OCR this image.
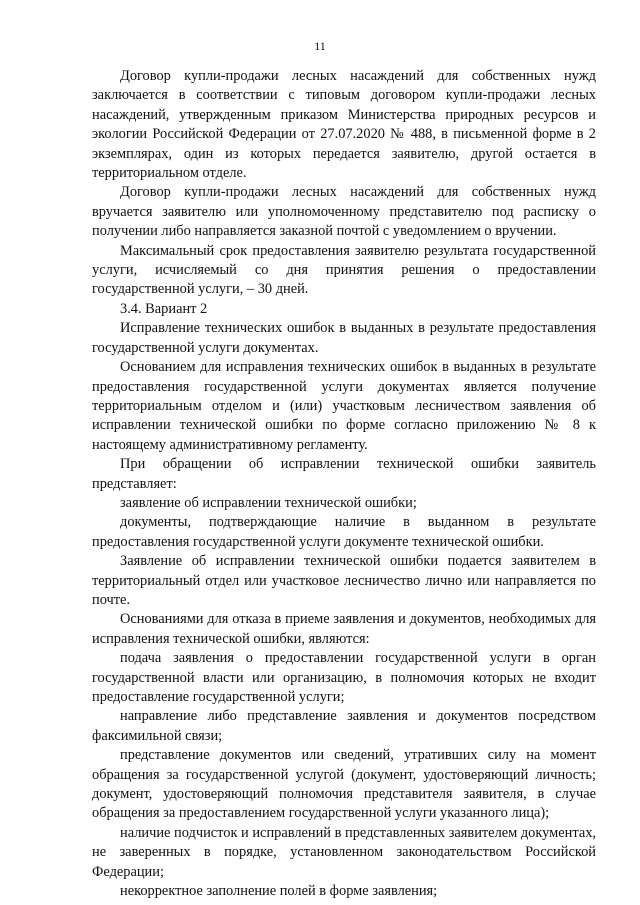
11

Договор купли-продажи лесных насаждений для собственных нужд заключается в соответствии с типовым договором купли-продажи лесных насаждений, утвержденным приказом Министерства природных ресурсов и экологии Российской Федерации от 27.07.2020 № 488, в письменной форме в 2 экземплярах, один из которых передается заявителю, другой остается в территориальном отделе.

Договор купли-продажи лесных насаждений для собственных нужд вручается заявителю или уполномоченному представителю под расписку о получении либо направляется заказной почтой с уведомлением о вручении.

Максимальный срок предоставления заявителю результата государственной услуги, исчисляемый со дня принятия решения о предоставлении государственной услуги, – 30 дней.

3.4. Вариант 2

Исправление технических ошибок в выданных в результате предоставления государственной услуги документах.

Основанием для исправления технических ошибок в выданных в результате предоставления государственной услуги документах является получение территориальным отделом и (или) участковым лесничеством заявления об исправлении технической ошибки по форме согласно приложению № 8 к настоящему административному регламенту.

При обращении об исправлении технической ошибки заявитель представляет:

заявление об исправлении технической ошибки;

документы, подтверждающие наличие в выданном в результате предоставления государственной услуги документе технической ошибки.

Заявление об исправлении технической ошибки подается заявителем в территориальный отдел или участковое лесничество лично или направляется по почте.

Основаниями для отказа в приеме заявления и документов, необходимых для исправления технической ошибки, являются:

подача заявления о предоставлении государственной услуги в орган государственной власти или организацию, в полномочия которых не входит предоставление государственной услуги;

направление либо представление заявления и документов посредством факсимильной связи;

представление документов или сведений, утративших силу на момент обращения за государственной услугой (документ, удостоверяющий личность; документ, удостоверяющий полномочия представителя заявителя, в случае обращения за предоставлением государственной услуги указанного лица);

наличие подчисток и исправлений в представленных заявителем документах, не заверенных в порядке, установленном законодательством Российской Федерации;

некорректное заполнение полей в форме заявления;
